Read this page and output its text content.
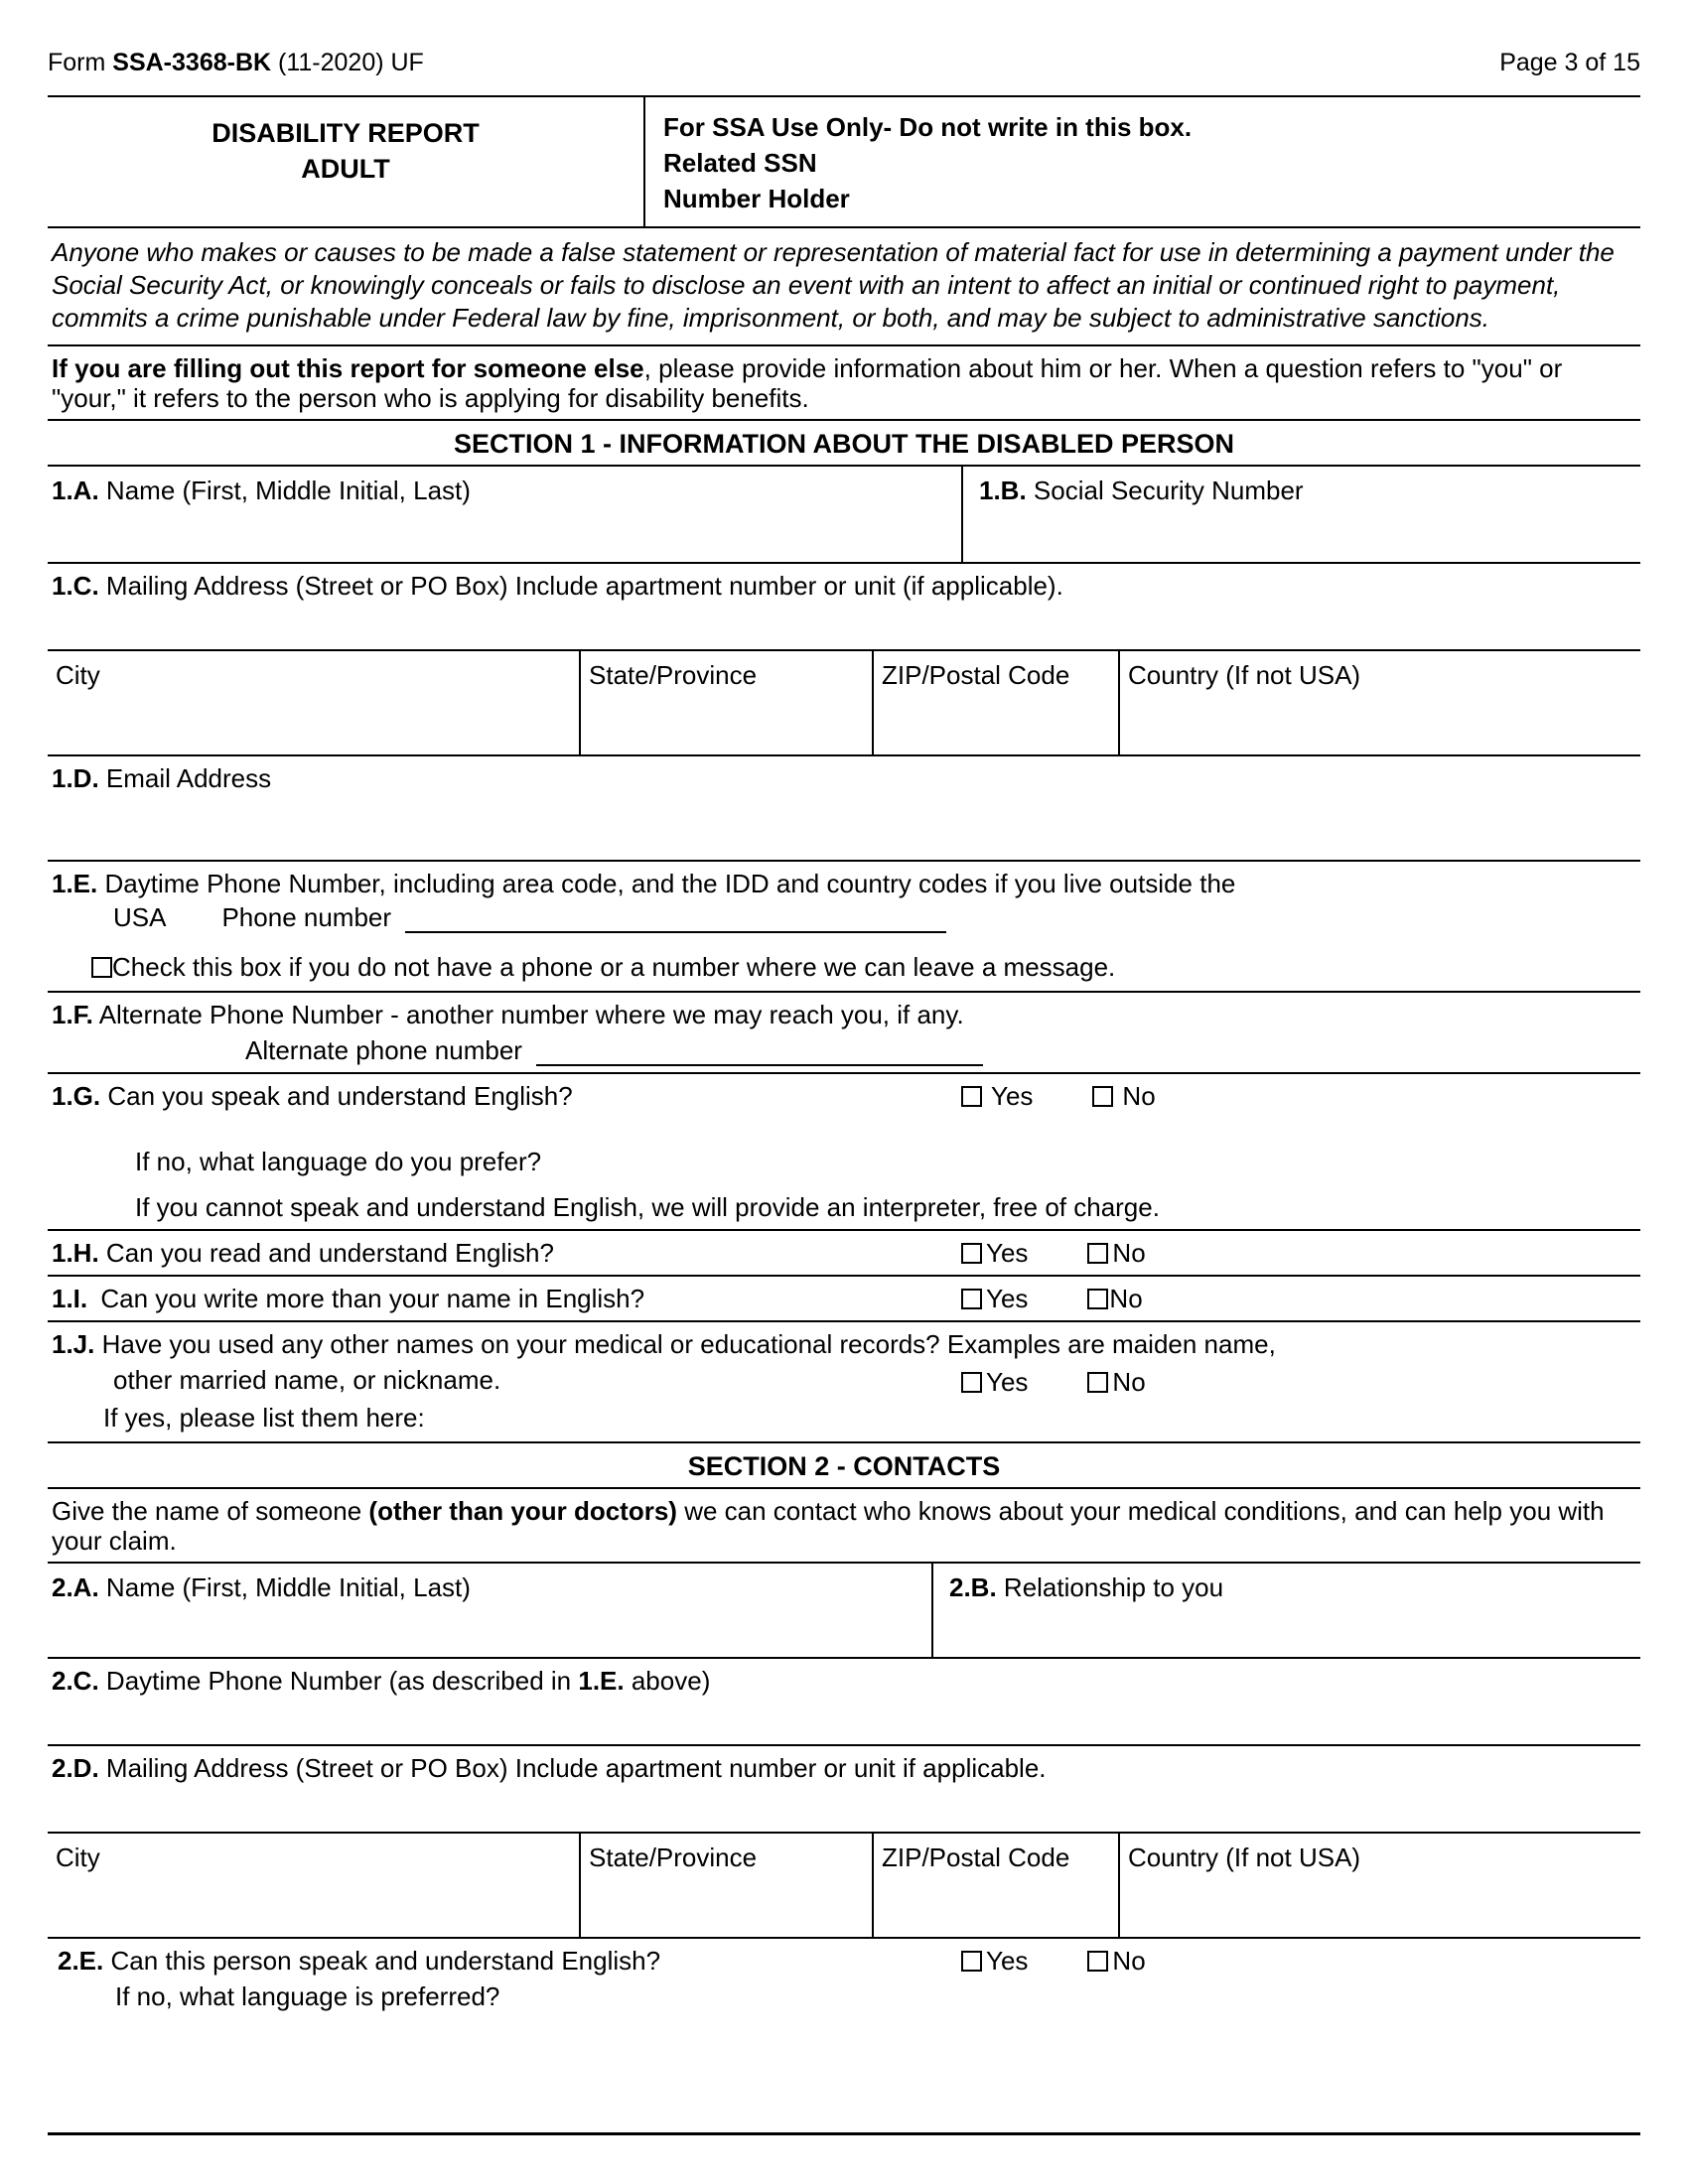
Form SSA-3368-BK (11-2020) UF	Page 3 of 15
DISABILITY REPORT
ADULT
For SSA Use Only- Do not write in this box.
Related SSN
Number Holder
Anyone who makes or causes to be made a false statement or representation of material fact for use in determining a payment under the Social Security Act, or knowingly conceals or fails to disclose an event with an intent to affect an initial or continued right to payment, commits a crime punishable under Federal law by fine, imprisonment, or both, and may be subject to administrative sanctions.
If you are filling out this report for someone else, please provide information about him or her. When a question refers to "you" or "your," it refers to the person who is applying for disability benefits.
SECTION 1 - INFORMATION ABOUT THE DISABLED PERSON
1.A. Name (First, Middle Initial, Last)	1.B. Social Security Number
1.C. Mailing Address (Street or PO Box) Include apartment number or unit (if applicable).
City	State/Province	ZIP/Postal Code	Country (If not USA)
1.D. Email Address
1.E. Daytime Phone Number, including area code, and the IDD and country codes if you live outside the
USA Phone number
Check this box if you do not have a phone or a number where we can leave a message.
1.F. Alternate Phone Number - another number where we may reach you, if any.
Alternate phone number
1.G. Can you speak and understand English?	Yes	No
If no, what language do you prefer?
If you cannot speak and understand English, we will provide an interpreter, free of charge.
1.H. Can you read and understand English?	Yes	No
1.I. Can you write more than your name in English?	Yes	No
1.J. Have you used any other names on your medical or educational records? Examples are maiden name,
other married name, or nickname.	Yes	No
If yes, please list them here:
SECTION 2 - CONTACTS
Give the name of someone (other than your doctors) we can contact who knows about your medical conditions, and can help you with your claim.
2.A. Name (First, Middle Initial, Last)	2.B. Relationship to you
2.C. Daytime Phone Number (as described in 1.E. above)
2.D. Mailing Address (Street or PO Box) Include apartment number or unit if applicable.
City	State/Province	ZIP/Postal Code	Country (If not USA)
2.E. Can this person speak and understand English?	Yes	No
If no, what language is preferred?
